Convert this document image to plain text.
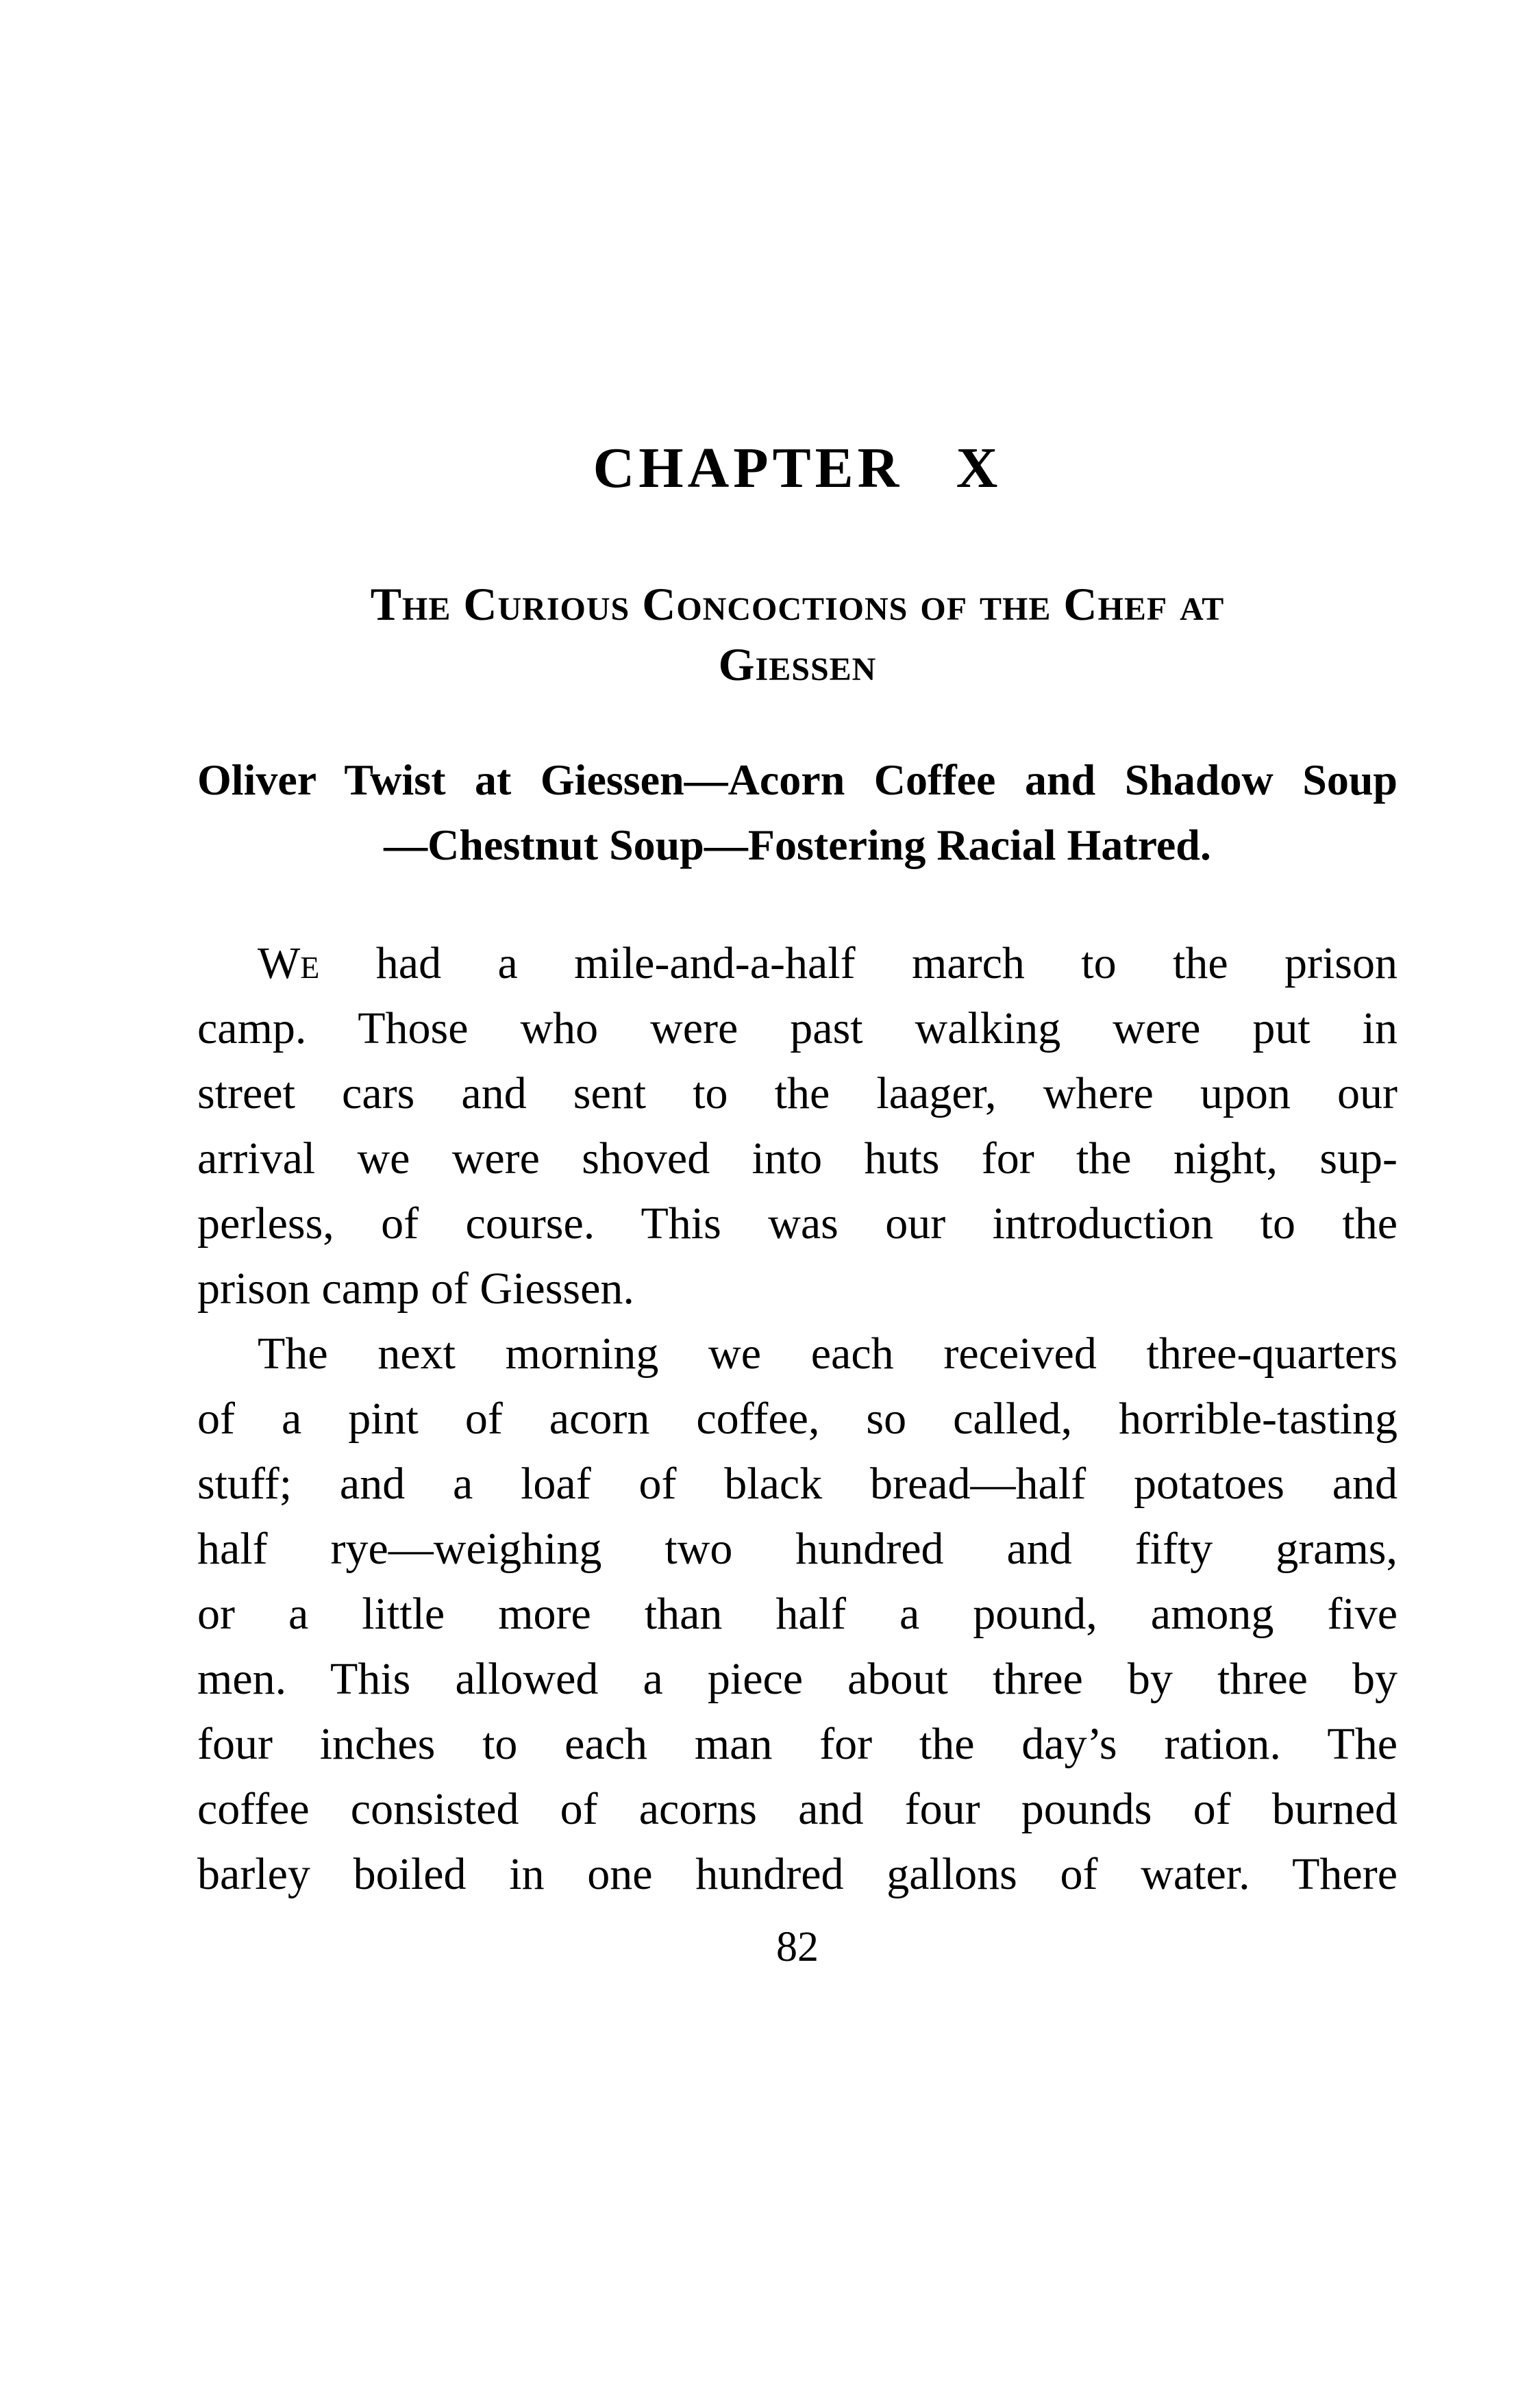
CHAPTER X
The Curious Concoctions of the Chef at
Giessen
Oliver Twist at Giessen—Acorn Coffee and Shadow Soup
—Chestnut Soup—Fostering Racial Hatred.
We had a mile-and-a-half march to the prison
camp. Those who were past walking were put in
street cars and sent to the laager, where upon our
arrival we were shoved into huts for the night, sup-
perless, of course. This was our introduction to the
prison camp of Giessen.
The next morning we each received three-quarters
of a pint of acorn coffee, so called, horrible-tasting
stuff; and a loaf of black bread—half potatoes and
half rye—weighing two hundred and fifty grams,
or a little more than half a pound, among five
men. This allowed a piece about three by three by
four inches to each man for the day’s ration. The
coffee consisted of acorns and four pounds of burned
barley boiled in one hundred gallons of water. There
82
